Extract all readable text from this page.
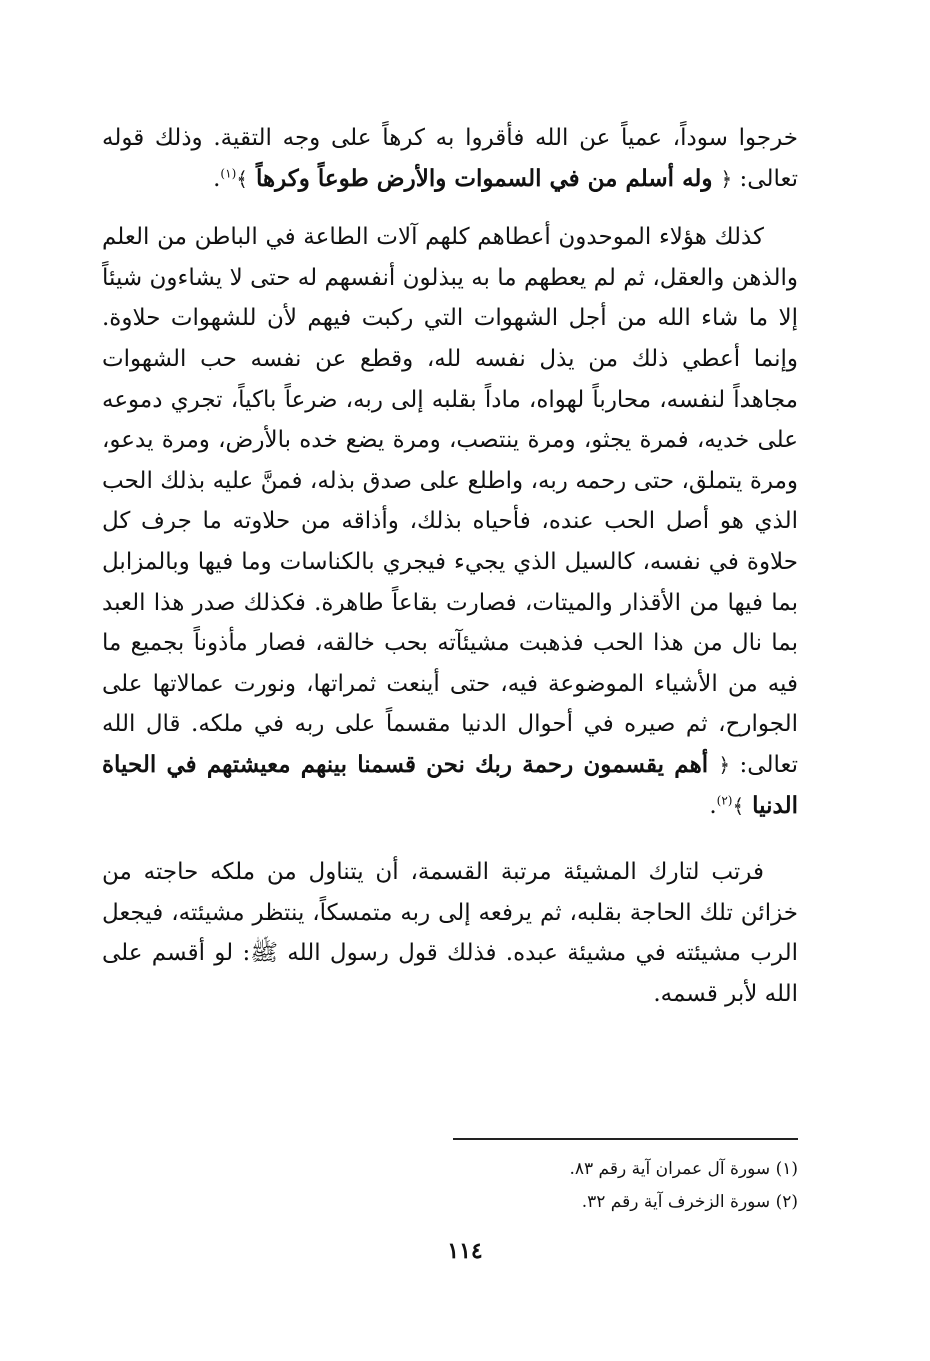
خرجوا سوداً، عمياً عن الله فأقروا به كرهاً على وجه التقية. وذلك قوله تعالى: ﴿ وله أسلم من في السموات والأرض طوعاً وكرهاً ﴾$^{(١)}$.

كذلك هؤلاء الموحدون أعطاهم كلهم آلات الطاعة في الباطن من العلم والذهن والعقل، ثم لم يعطهم ما به يبذلون أنفسهم له حتى لا يشاءون شيئاً إلا ما شاء الله من أجل الشهوات التي ركبت فيهم لأن للشهوات حلاوة. وإنما أعطي ذلك من يذل نفسه لله، وقطع عن نفسه حب الشهوات مجاهداً لنفسه، محارباً لهواه، ماداً بقلبه إلى ربه، ضرعاً باكياً، تجري دموعه على خديه، فمرة يجثو، ومرة ينتصب، ومرة يضع خده بالأرض، ومرة يدعو، ومرة يتملق، حتى رحمه ربه، واطلع على صدق بذله، فمنَّ عليه بذلك الحب الذي هو أصل الحب عنده، فأحياه بذلك، وأذاقه من حلاوته ما جرف كل حلاوة في نفسه، كالسيل الذي يجيء فيجري بالكناسات وما فيها وبالمزابل بما فيها من الأقذار والميتات، فصارت بقاعاً طاهرة. فكذلك صدر هذا العبد بما نال من هذا الحب فذهبت مشيئآته بحب خالقه، فصار مأذوناً بجميع ما فيه من الأشياء الموضوعة فيه، حتى أينعت ثمراتها، ونورت عمالاتها على الجوارح، ثم صيره في أحوال الدنيا مقسماً على ربه في ملكه. قال الله تعالى: ﴿ أهم يقسمون رحمة ربك نحن قسمنا بينهم معيشتهم في الحياة الدنيا ﴾$^{(٢)}$.

فرتب لتارك المشيئة مرتبة القسمة، أن يتناول من ملكه حاجته من خزائن تلك الحاجة بقلبه، ثم يرفعه إلى ربه متمسكاً، ينتظر مشيئته، فيجعل الرب مشيئته في مشيئة عبده. فذلك قول رسول الله ﷺ: لو أقسم على الله لأبر قسمه.

(١) سورة آل عمران آية رقم ٨٣.

(٢) سورة الزخرف آية رقم ٣٢.

١١٤
